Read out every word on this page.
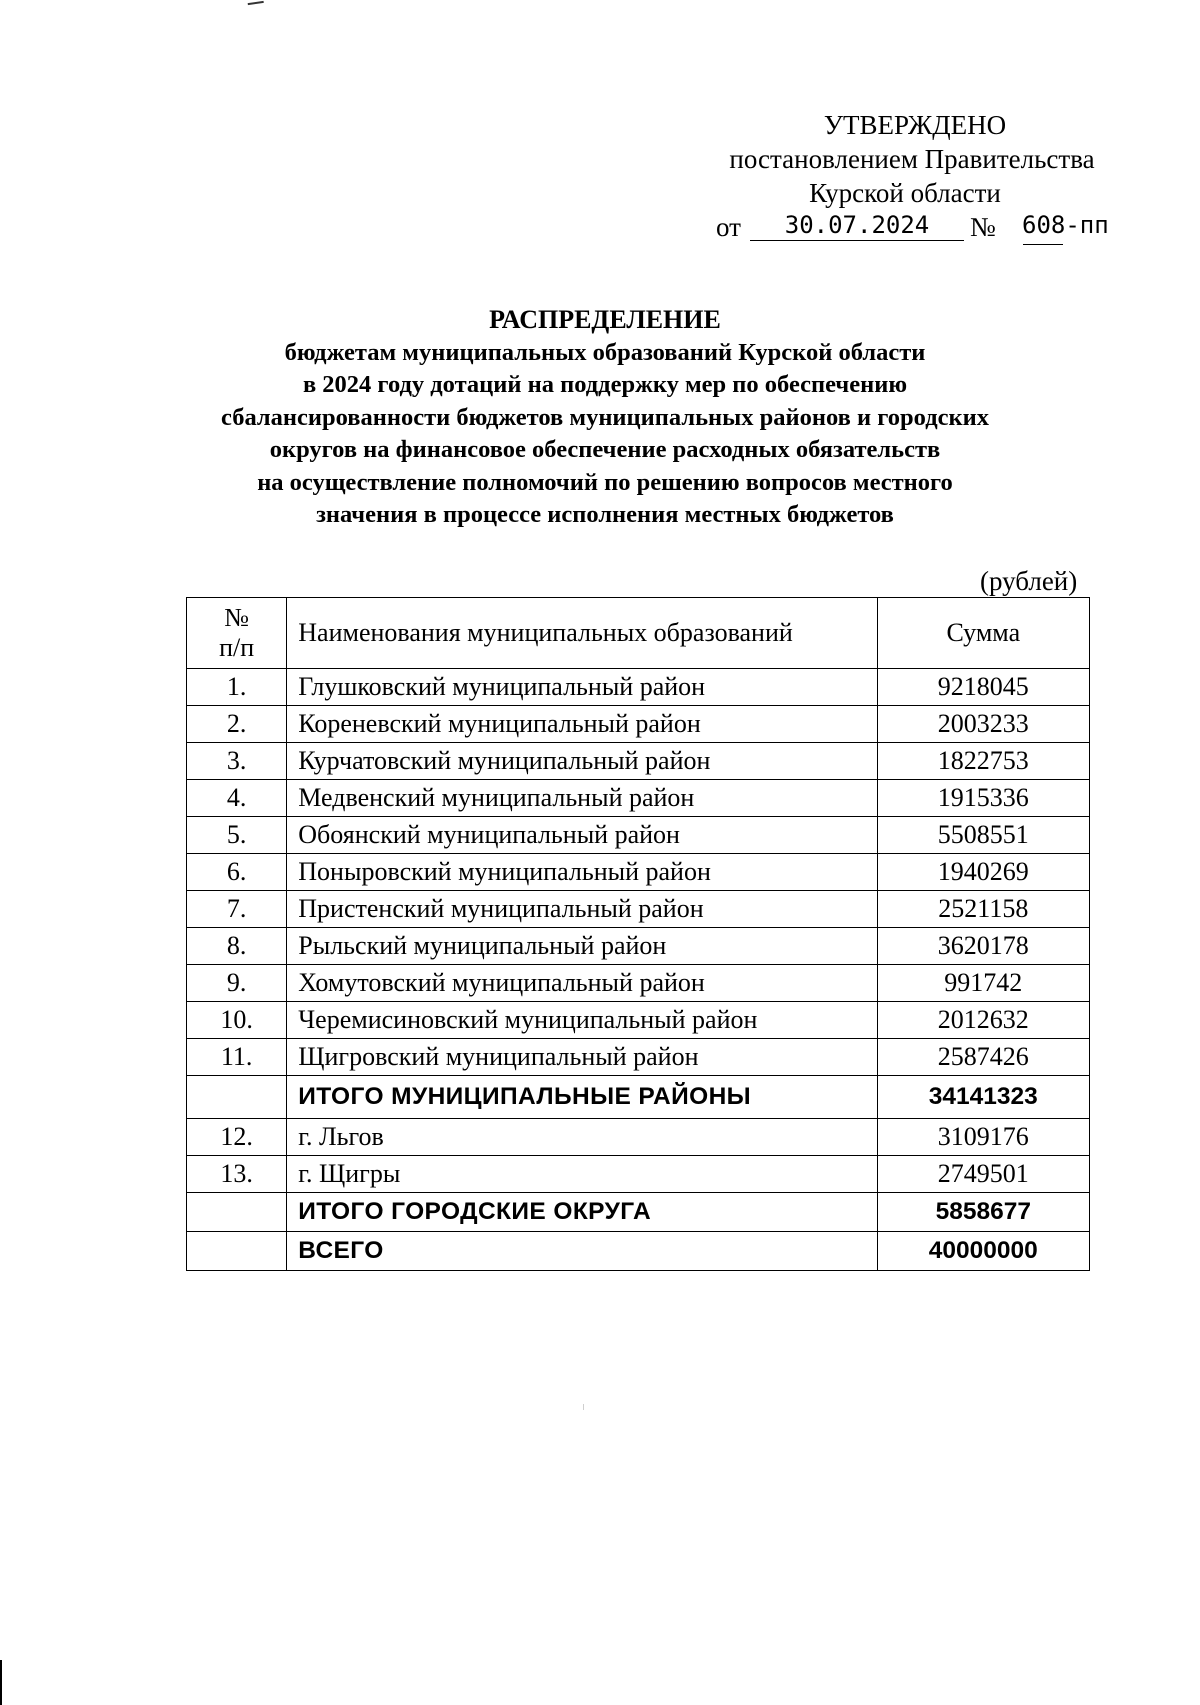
УТВЕРЖДЕНО
постановлением Правительства
Курской области
от	30.07.2024	№ 608-пп
РАСПРЕДЕЛЕНИЕ
бюджетам муниципальных образований Курской области
в 2024 году дотаций на поддержку мер по обеспечению
сбалансированности бюджетов муниципальных районов и городских
округов на финансовое обеспечение расходных обязательств
на осуществление полномочий по решению вопросов местного
значения в процессе исполнения местных бюджетов
(рублей)
№
п/п	Наименования муниципальных образований	Сумма
1.	Глушковский муниципальный район	9218045
2.	Кореневский муниципальный район	2003233
3.	Курчатовский муниципальный район	1822753
4.	Медвенский муниципальный район	1915336
5.	Обоянский муниципальный район	5508551
6.	Поныровский муниципальный район	1940269
7.	Пристенский муниципальный район	2521158
8.	Рыльский муниципальный район	3620178
9.	Хомутовский муниципальный район	991742
10.	Черемисиновский муниципальный район	2012632
11.	Щигровский муниципальный район	2587426
	ИТОГО МУНИЦИПАЛЬНЫЕ РАЙОНЫ	34141323
12.	г. Льгов	3109176
13.	г. Щигры	2749501
	ИТОГО ГОРОДСКИЕ ОКРУГА	5858677
	ВСЕГО	40000000
